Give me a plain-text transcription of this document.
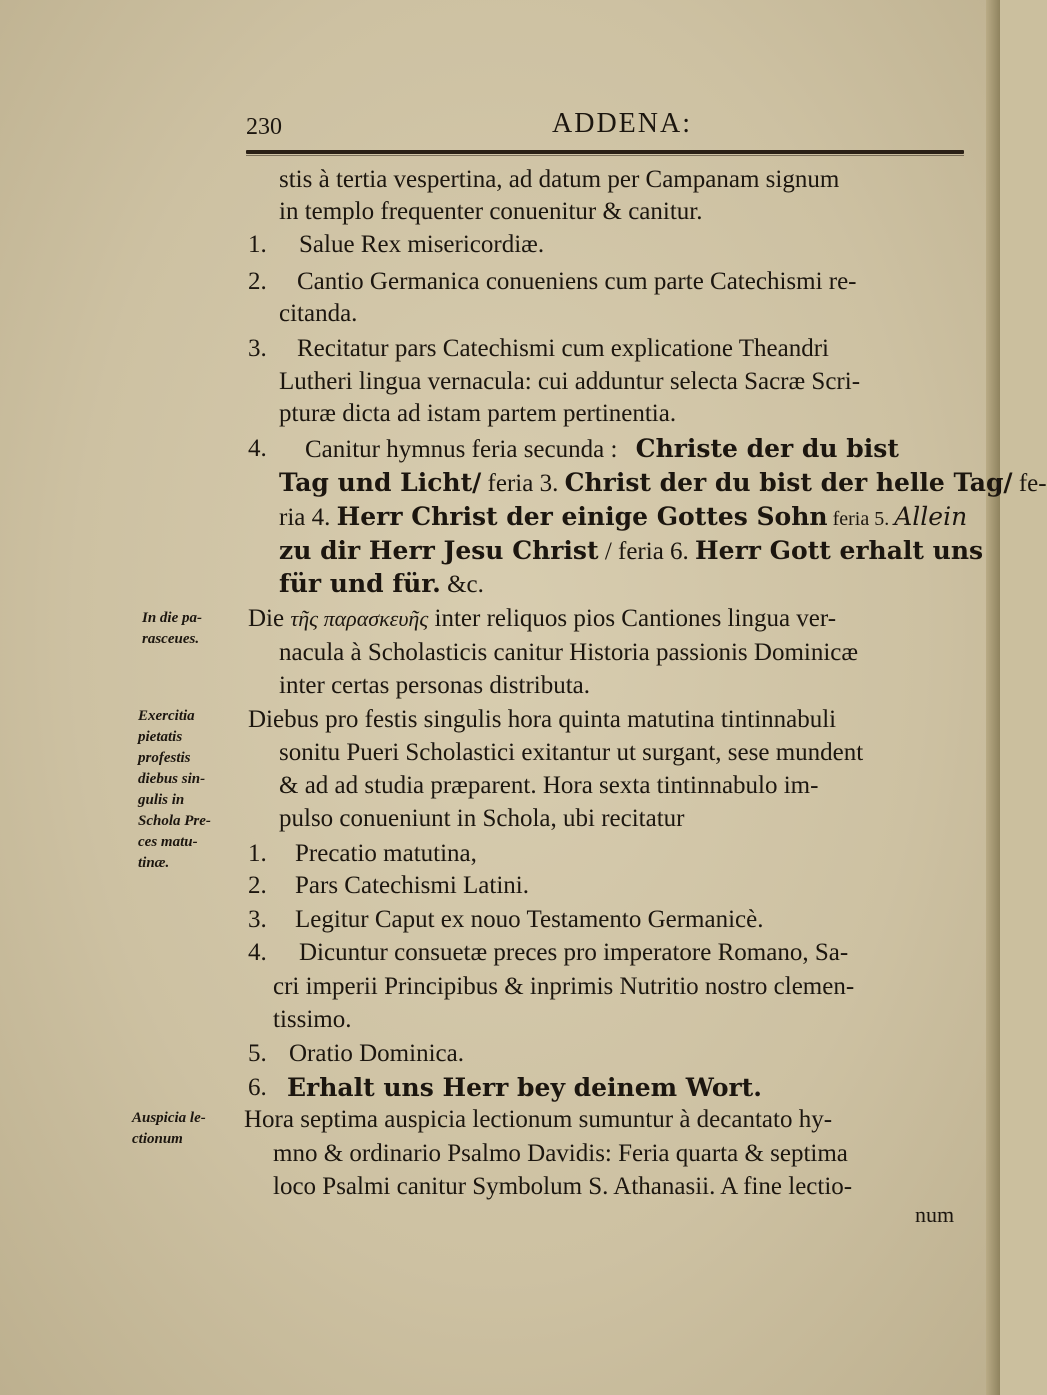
230	ADDENA:
stis à tertia vespertina, ad datum per Campanam signum
in templo frequenter conuenitur & canitur.
1. Salue Rex misericordiæ.
2. Cantio Germanica conueniens cum parte Catechismi re-
citanda.
3. Recitatur pars Catechismi cum explicatione Theandri
Lutheri lingua vernacula: cui adduntur selecta Sacræ Scri-
pturæ dicta ad istam partem pertinentia.
4. Canitur hymnus feria secunda : Christe der du bist
Tag und Licht/ feria 3. Christ der du bist der helle Tag/ fe-
ria 4. Herr Christ der einige Gottes Sohn feria 5. Allein
zu dir Herr Jesu Christ / feria 6. Herr Gott erhalt uns
für und für. &c.
Die τῆς παρασκευῆς inter reliquos pios Cantiones lingua ver-
nacula à Scholasticis canitur Historia passionis Dominicæ
inter certas personas distributa.
Diebus pro festis singulis hora quinta matutina tintinnabuli
sonitu Pueri Scholastici exitantur ut surgant, sese mundent
& ad ad studia præparent. Hora sexta tintinnabulo im-
pulso conueniunt in Schola, ubi recitatur
1. Precatio matutina,
2. Pars Catechismi Latini.
3. Legitur Caput ex nouo Testamento Germanicè.
4. Dicuntur consuetæ preces pro imperatore Romano, Sa-
cri imperii Principibus & inprimis Nutritio nostro clemen-
tissimo.
5. Oratio Dominica.
6. Erhalt uns Herr bey deinem Wort.
Hora septima auspicia lectionum sumuntur à decantato hy-
mno & ordinario Psalmo Davidis: Feria quarta & septima
loco Psalmi canitur Symbolum S. Athanasii. A fine lectio-
num
In die pa-
rasceues.
Exercitia
pietatis
profestis
diebus sin-
gulis in
Schola Pre-
ces matu-
tinæ.
Auspicia le-
ctionum
